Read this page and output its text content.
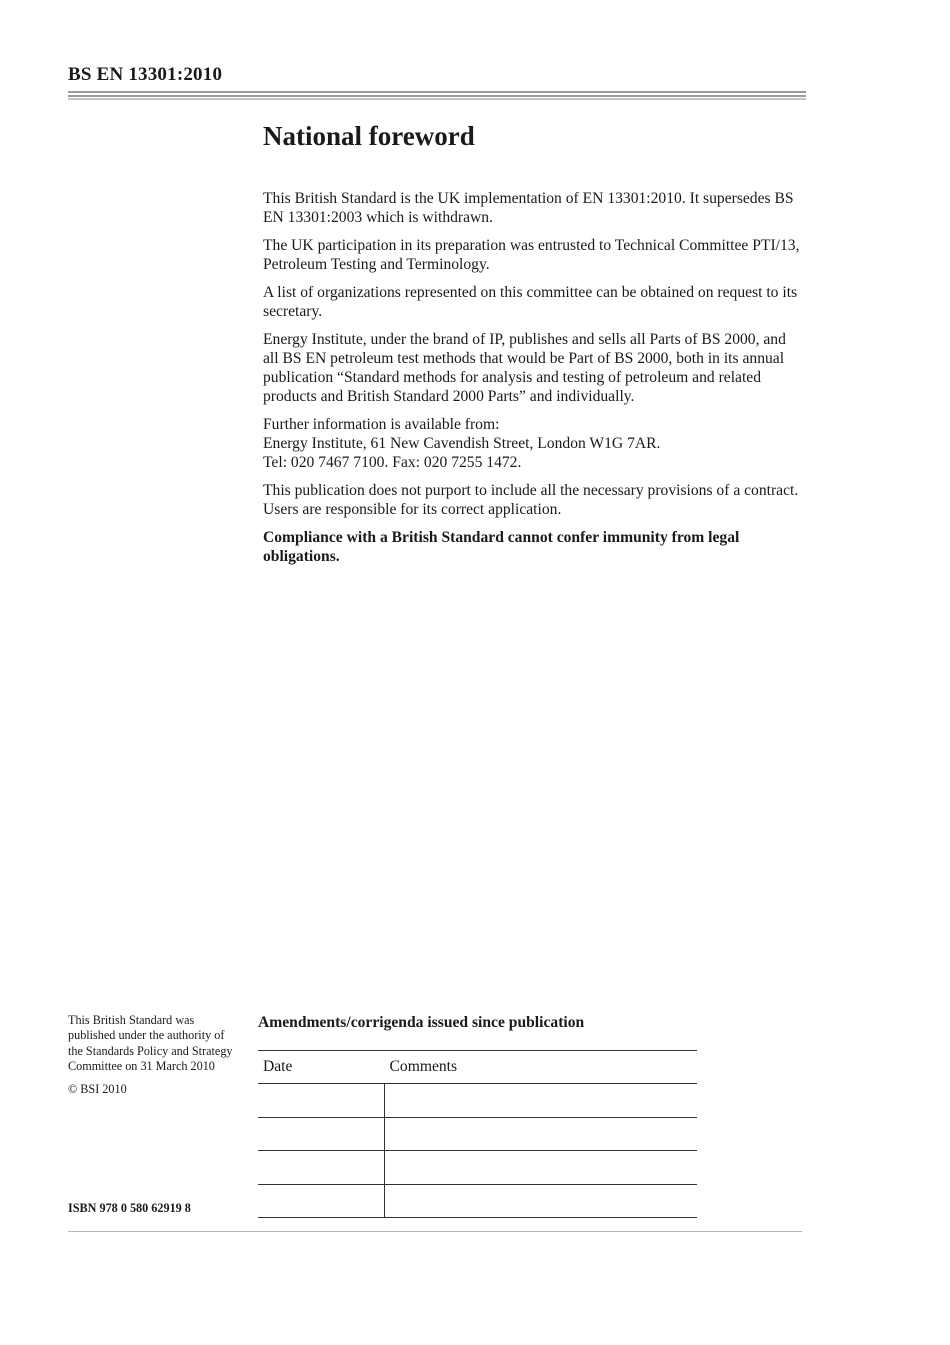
BS EN 13301:2010
National foreword

This British Standard is the UK implementation of EN 13301:2010. It supersedes BS EN 13301:2003 which is withdrawn.

The UK participation in its preparation was entrusted to Technical Committee PTI/13, Petroleum Testing and Terminology.

A list of organizations represented on this committee can be obtained on request to its secretary.

Energy Institute, under the brand of IP, publishes and sells all Parts of BS 2000, and all BS EN petroleum test methods that would be Part of BS 2000, both in its annual publication “Standard methods for analysis and testing of petroleum and related products and British Standard 2000 Parts” and individually.

Further information is available from:
Energy Institute, 61 New Cavendish Street, London W1G 7AR.
Tel: 020 7467 7100. Fax: 020 7255 1472.

This publication does not purport to include all the necessary provisions of a contract. Users are responsible for its correct application.

Compliance with a British Standard cannot confer immunity from legal obligations.

This British Standard was published under the authority of the Standards Policy and Strategy Committee on 31 March 2010

© BSI 2010

ISBN 978 0 580 62919 8
Amendments/corrigenda issued since publication
Date	Comments
